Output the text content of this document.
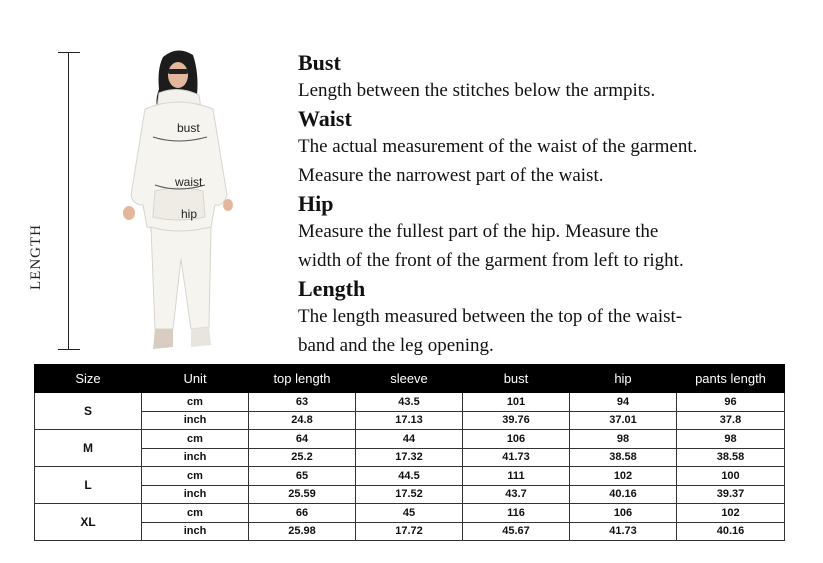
LENGTH
bust
waist
hip
Bust
Length between the stitches below the armpits.
Waist
The actual measurement of the waist of the garment.
Measure the narrowest part of the waist.
Hip
Measure the fullest part of the hip. Measure the
width of the front of the garment from left to right.
Length
The length measured between the top of the waist-
band and the leg opening.
Size	Unit	top length	sleeve	bust	hip	pants length
S	cm	63	43.5	101	94	96
	inch	24.8	17.13	39.76	37.01	37.8
M	cm	64	44	106	98	98
	inch	25.2	17.32	41.73	38.58	38.58
L	cm	65	44.5	111	102	100
	inch	25.59	17.52	43.7	40.16	39.37
XL	cm	66	45	116	106	102
	inch	25.98	17.72	45.67	41.73	40.16
